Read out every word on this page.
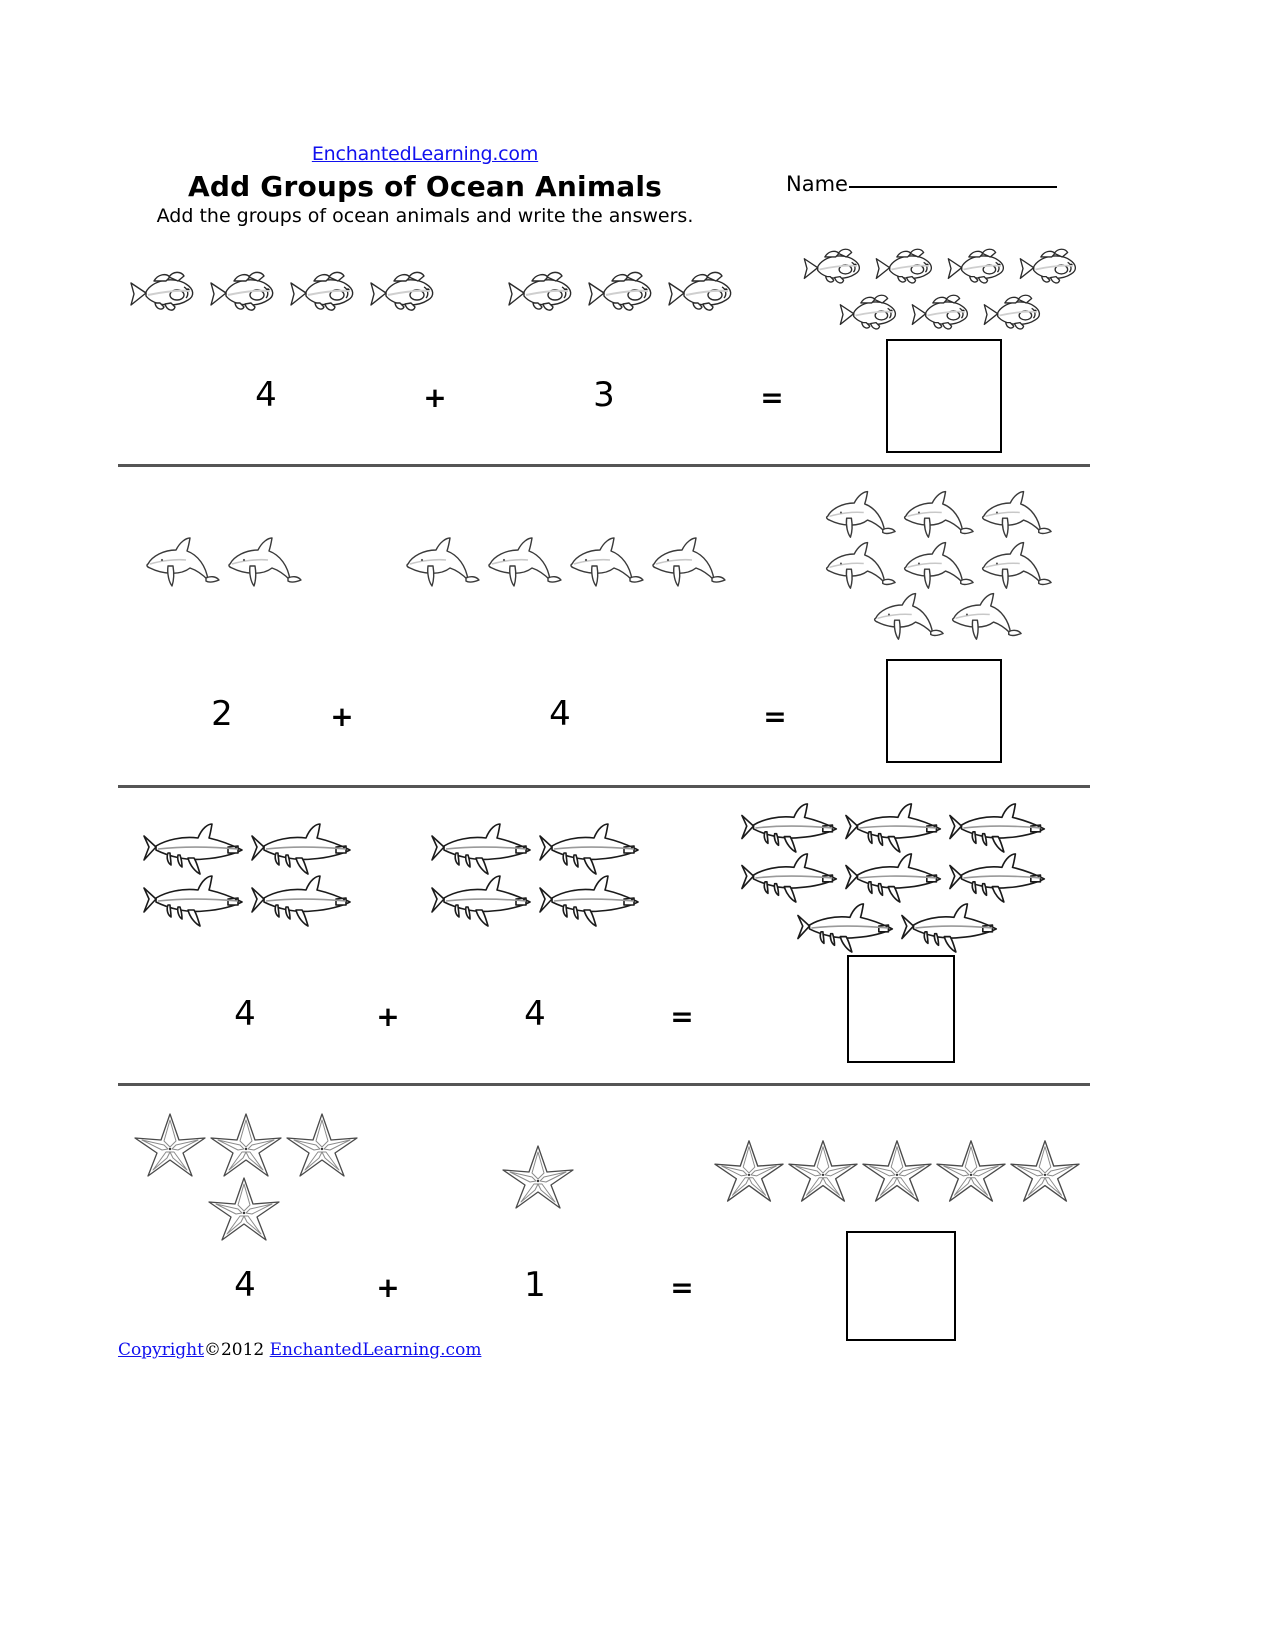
EnchantedLearning.com
Add Groups of Ocean Animals
Add the groups of ocean animals and write the answers.
Name
4	+	3	=
2	+	4	=
4	+	4	=
4	+	1	=
Copyright©2012 EnchantedLearning.com
